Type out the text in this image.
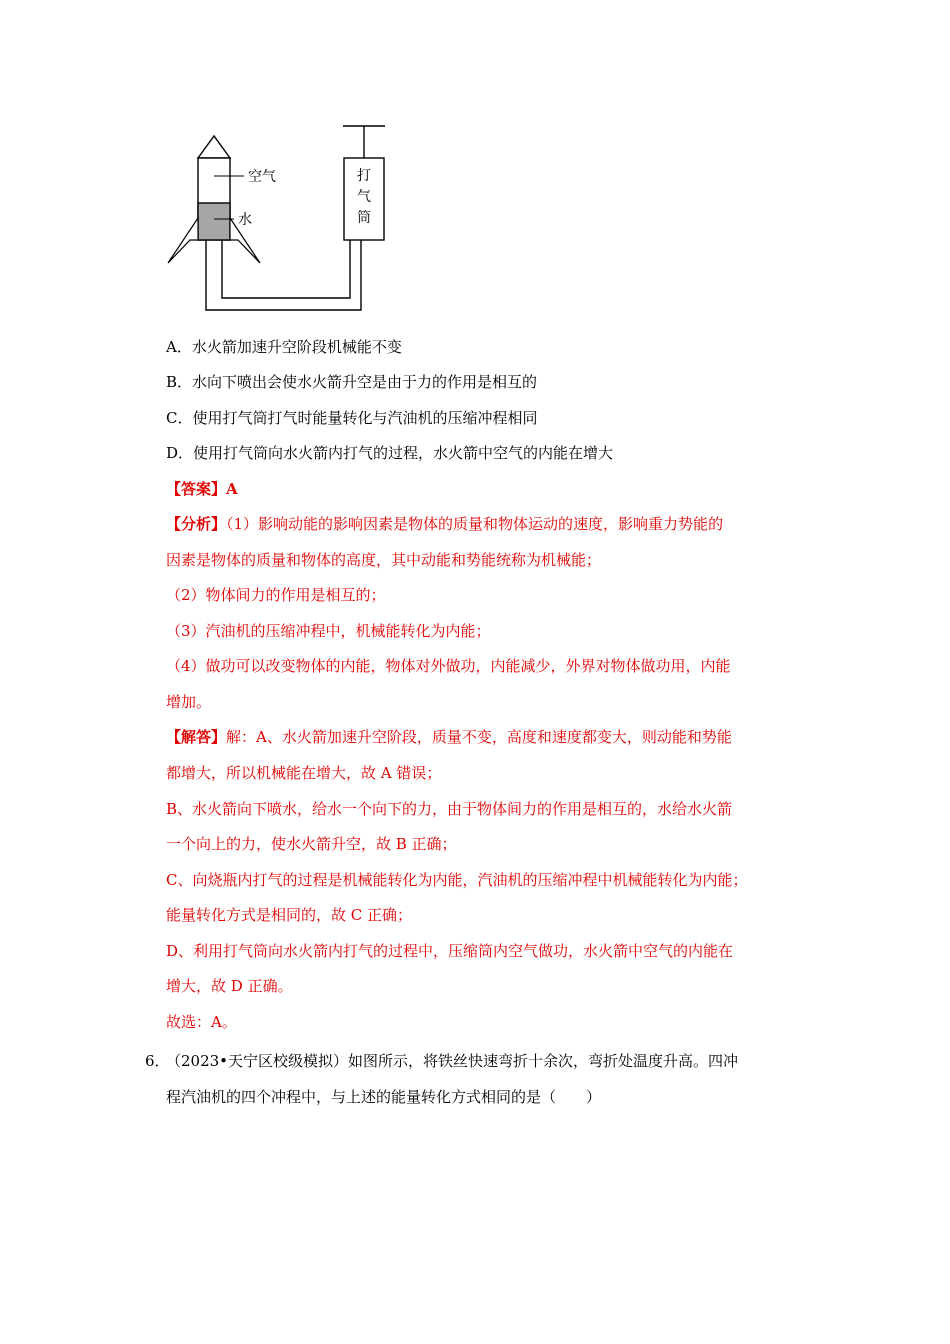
空气
水
打
气
筒
A．水火箭加速升空阶段机械能不变
B．水向下喷出会使水火箭升空是由于力的作用是相互的
C．使用打气筒打气时能量转化与汽油机的压缩冲程相同
D．使用打气筒向水火箭内打气的过程，水火箭中空气的内能在增大
【答案】A
【分析】（1）影响动能的影响因素是物体的质量和物体运动的速度，影响重力势能的
因素是物体的质量和物体的高度，其中动能和势能统称为机械能；
（2）物体间力的作用是相互的；
（3）汽油机的压缩冲程中，机械能转化为内能；
（4）做功可以改变物体的内能，物体对外做功，内能减少，外界对物体做功用，内能
增加。
【解答】解：A、水火箭加速升空阶段，质量不变，高度和速度都变大，则动能和势能
都增大，所以机械能在增大，故 A 错误；
B、水火箭向下喷水，给水一个向下的力，由于物体间力的作用是相互的，水给水火箭
一个向上的力，使水火箭升空，故 B 正确；
C、向烧瓶内打气的过程是机械能转化为内能，汽油机的压缩冲程中机械能转化为内能；
能量转化方式是相同的，故 C 正确；
D、利用打气筒向水火箭内打气的过程中，压缩筒内空气做功，水火箭中空气的内能在
增大，故 D 正确。
故选：A。
6．
（2023•天宁区校级模拟）如图所示，将铁丝快速弯折十余次，弯折处温度升高。四冲
程汽油机的四个冲程中，与上述的能量转化方式相同的是（　　）
